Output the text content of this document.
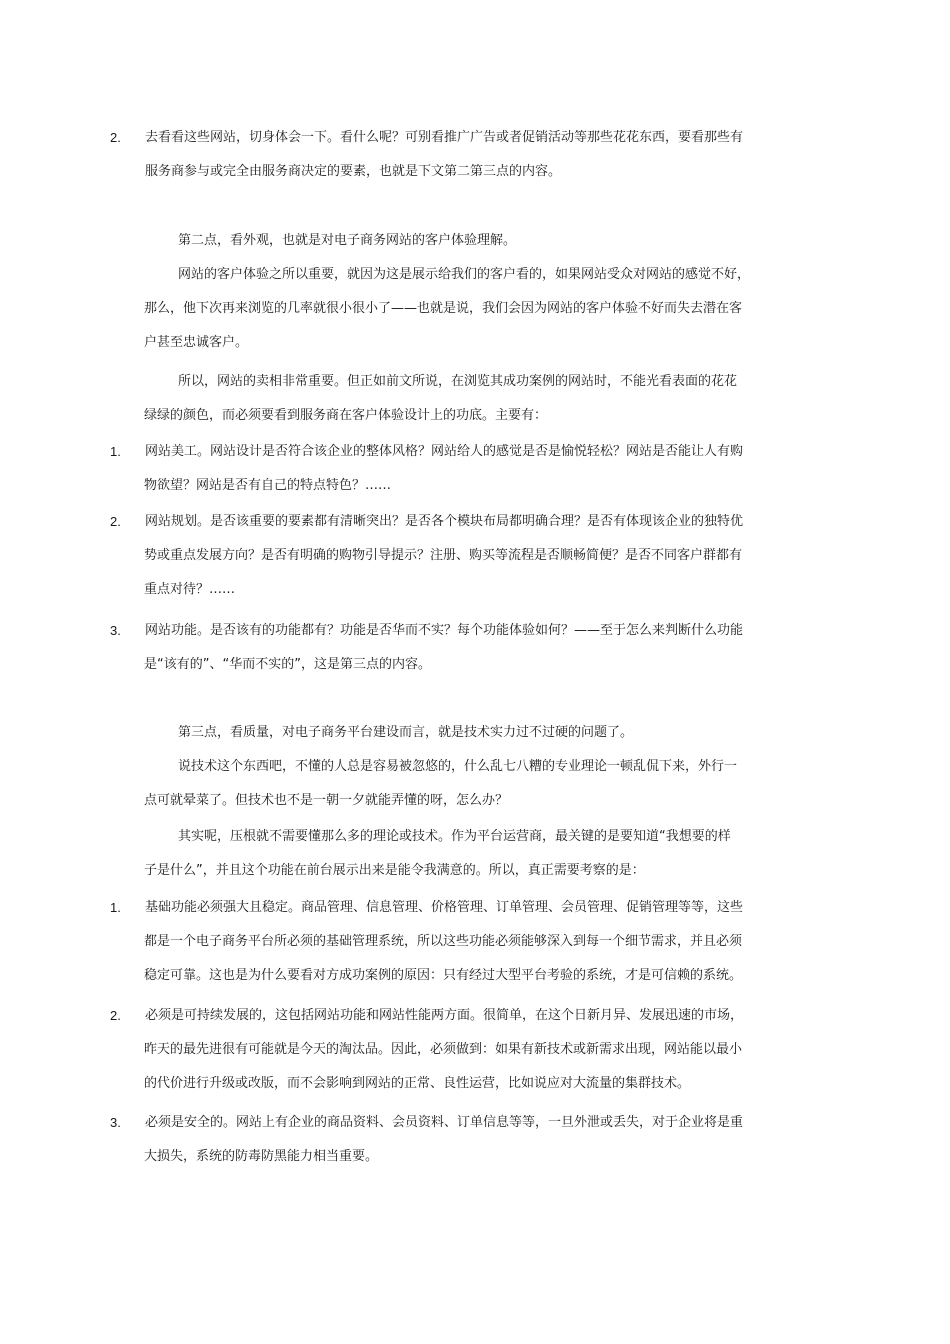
2.	去看看这些网站，切身体会一下。看什么呢？可别看推广广告或者促销活动等那些花花东西，要看那些有
服务商参与或完全由服务商决定的要素，也就是下文第二第三点的内容。
第二点，看外观，也就是对电子商务网站的客户体验理解。
网站的客户体验之所以重要，就因为这是展示给我们的客户看的，如果网站受众对网站的感觉不好，
那么，他下次再来浏览的几率就很小很小了——也就是说，我们会因为网站的客户体验不好而失去潜在客
户甚至忠诚客户。
所以，网站的卖相非常重要。但正如前文所说，在浏览其成功案例的网站时，不能光看表面的花花
绿绿的颜色，而必须要看到服务商在客户体验设计上的功底。主要有：
1.	网站美工。网站设计是否符合该企业的整体风格？网站给人的感觉是否是愉悦轻松？网站是否能让人有购
物欲望？网站是否有自己的特点特色？……
2.	网站规划。是否该重要的要素都有清晰突出？是否各个模块布局都明确合理？是否有体现该企业的独特优
势或重点发展方向？是否有明确的购物引导提示？注册、购买等流程是否顺畅简便？是否不同客户群都有
重点对待？……
3.	网站功能。是否该有的功能都有？功能是否华而不实？每个功能体验如何？——至于怎么来判断什么功能
是“该有的”、“华而不实的”，这是第三点的内容。
第三点，看质量，对电子商务平台建设而言，就是技术实力过不过硬的问题了。
说技术这个东西吧，不懂的人总是容易被忽悠的，什么乱七八糟的专业理论一顿乱侃下来，外行一
点可就晕菜了。但技术也不是一朝一夕就能弄懂的呀，怎么办？
其实呢，压根就不需要懂那么多的理论或技术。作为平台运营商，最关键的是要知道“我想要的样
子是什么”，并且这个功能在前台展示出来是能令我满意的。所以，真正需要考察的是：
1.	基础功能必须强大且稳定。商品管理、信息管理、价格管理、订单管理、会员管理、促销管理等等，这些
都是一个电子商务平台所必须的基础管理系统，所以这些功能必须能够深入到每一个细节需求，并且必须
稳定可靠。这也是为什么要看对方成功案例的原因：只有经过大型平台考验的系统，才是可信赖的系统。
2.	必须是可持续发展的，这包括网站功能和网站性能两方面。很简单，在这个日新月异、发展迅速的市场，
昨天的最先进很有可能就是今天的淘汰品。因此，必须做到：如果有新技术或新需求出现，网站能以最小
的代价进行升级或改版，而不会影响到网站的正常、良性运营，比如说应对大流量的集群技术。
3.	必须是安全的。网站上有企业的商品资料、会员资料、订单信息等等，一旦外泄或丢失，对于企业将是重
大损失，系统的防毒防黑能力相当重要。
